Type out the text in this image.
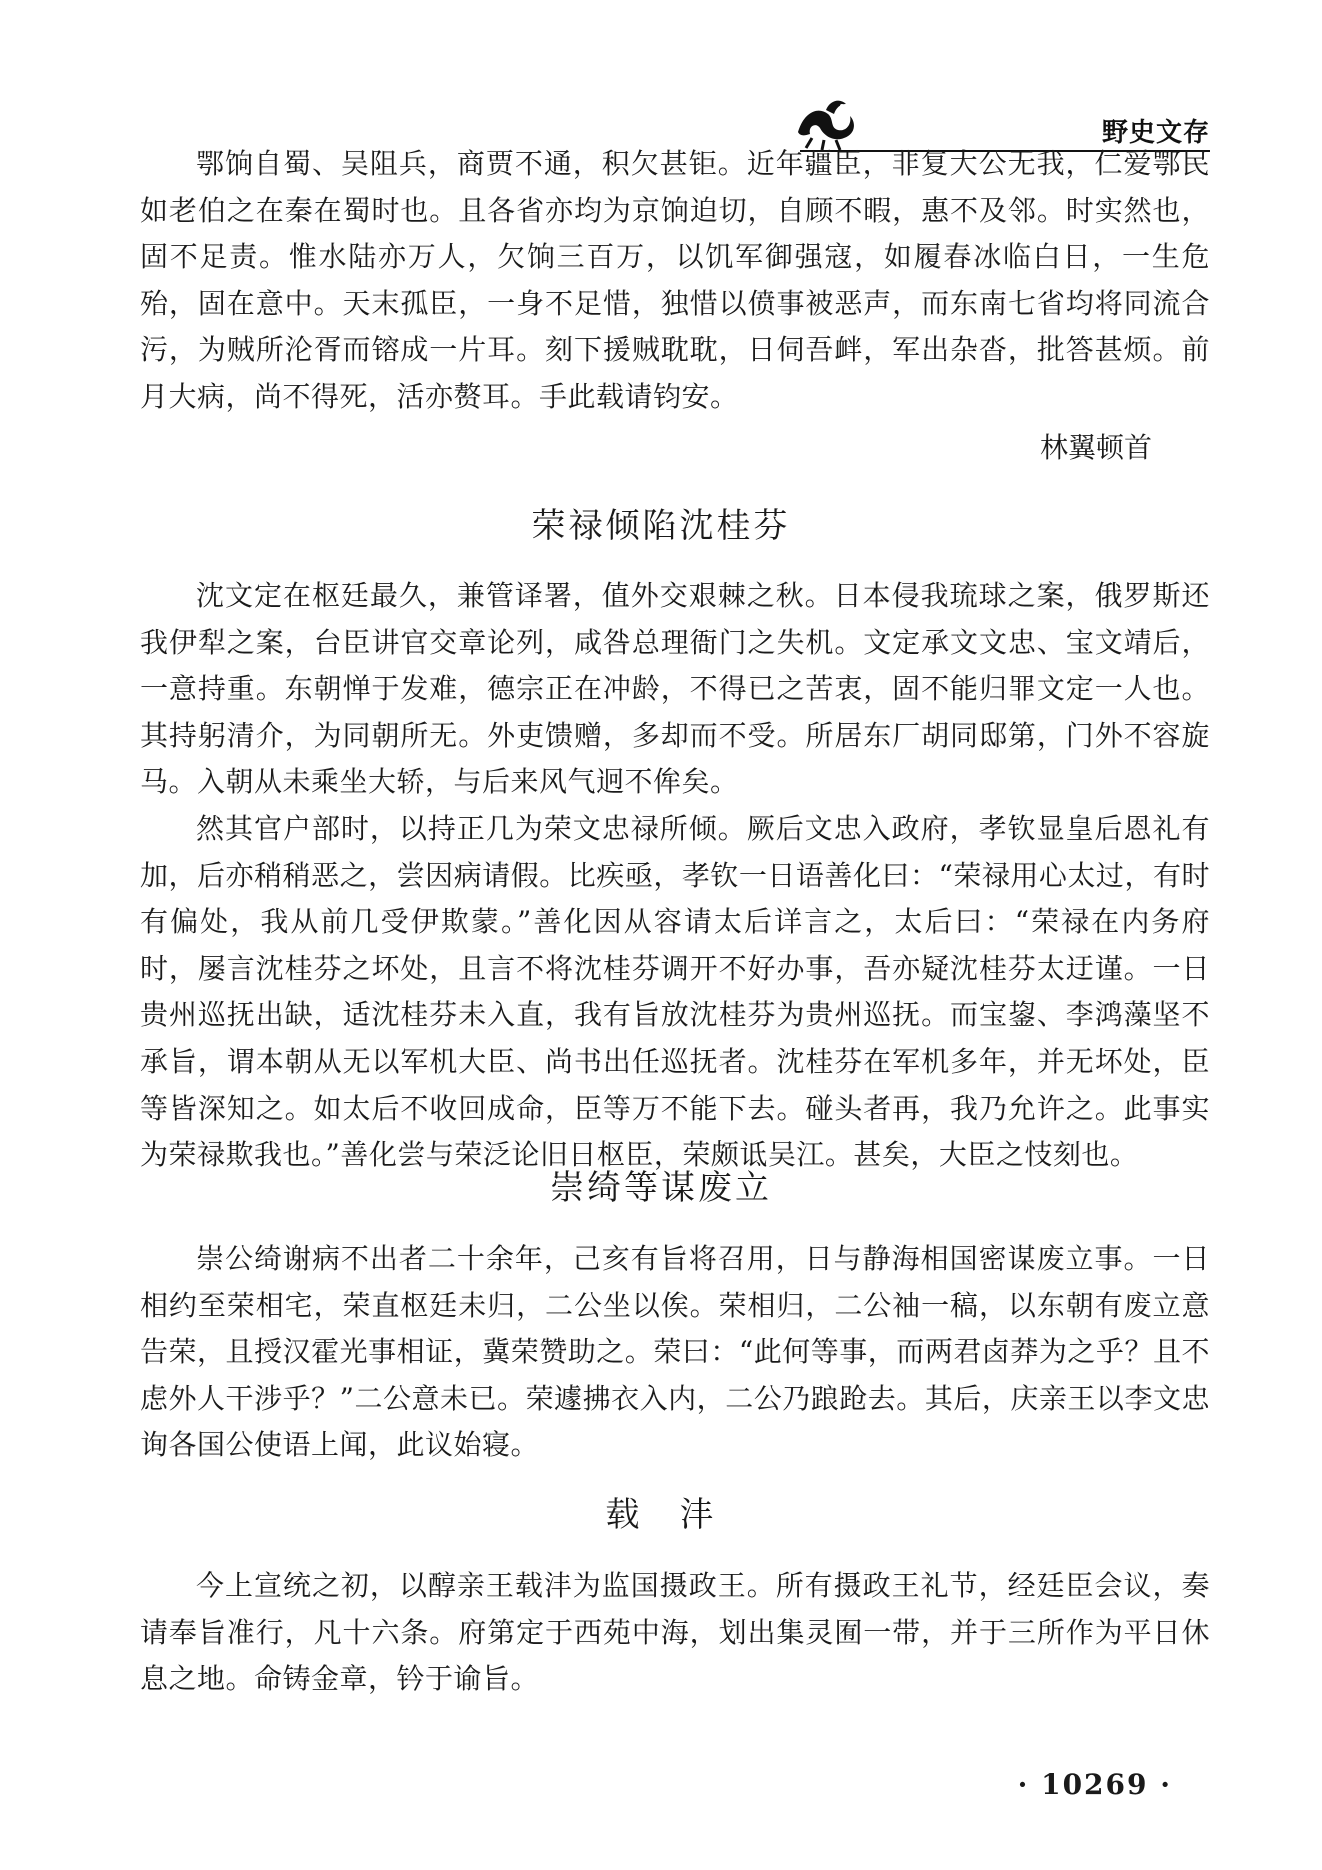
野史文存

鄂饷自蜀、吴阻兵，商贾不通，积欠甚钜。近年疆臣，非复大公无我，仁爱鄂民如老伯之在秦在蜀时也。且各省亦均为京饷迫切，自顾不暇，惠不及邻。时实然也，固不足责。惟水陆亦万人，欠饷三百万，以饥军御强寇，如履春冰临白日，一生危殆，固在意中。天末孤臣，一身不足惜，独惜以偾事被恶声，而东南七省均将同流合污，为贼所沦胥而镕成一片耳。刻下援贼耽耽，日伺吾衅，军出杂沓，批答甚烦。前月大病，尚不得死，活亦赘耳。手此载请钧安。

林翼顿首
荣禄倾陷沈桂芬

沈文定在枢廷最久，兼管译署，值外交艰棘之秋。日本侵我琉球之案，俄罗斯还我伊犁之案，台臣讲官交章论列，咸咎总理衙门之失机。文定承文文忠、宝文靖后，一意持重。东朝惮于发难，德宗正在冲龄，不得已之苦衷，固不能归罪文定一人也。其持躬清介，为同朝所无。外吏馈赠，多却而不受。所居东厂胡同邸第，门外不容旋马。入朝从未乘坐大轿，与后来风气迥不侔矣。

然其官户部时，以持正几为荣文忠禄所倾。厥后文忠入政府，孝钦显皇后恩礼有加，后亦稍稍恶之，尝因病请假。比疾亟，孝钦一日语善化曰：“荣禄用心太过，有时有偏处，我从前几受伊欺蒙。”善化因从容请太后详言之，太后曰：“荣禄在内务府时，屡言沈桂芬之坏处，且言不将沈桂芬调开不好办事，吾亦疑沈桂芬太迂谨。一日贵州巡抚出缺，适沈桂芬未入直，我有旨放沈桂芬为贵州巡抚。而宝鋆、李鸿藻坚不承旨，谓本朝从无以军机大臣、尚书出任巡抚者。沈桂芬在军机多年，并无坏处，臣等皆深知之。如太后不收回成命，臣等万不能下去。碰头者再，我乃允许之。此事实为荣禄欺我也。”善化尝与荣泛论旧日枢臣，荣颇诋吴江。甚矣，大臣之忮刻也。

崇绮等谋废立

崇公绮谢病不出者二十余年，己亥有旨将召用，日与静海相国密谋废立事。一日相约至荣相宅，荣直枢廷未归，二公坐以俟。荣相归，二公袖一稿，以东朝有废立意告荣，且授汉霍光事相证，冀荣赞助之。荣曰：“此何等事，而两君卤莽为之乎？且不虑外人干涉乎？”二公意未已。荣遽拂衣入内，二公乃踉跄去。其后，庆亲王以李文忠询各国公使语上闻，此议始寝。

载　沣

今上宣统之初，以醇亲王载沣为监国摄政王。所有摄政王礼节，经廷臣会议，奏请奉旨准行，凡十六条。府第定于西苑中海，划出集灵囿一带，并于三所作为平日休息之地。命铸金章，钤于谕旨。

· 10269 ·
